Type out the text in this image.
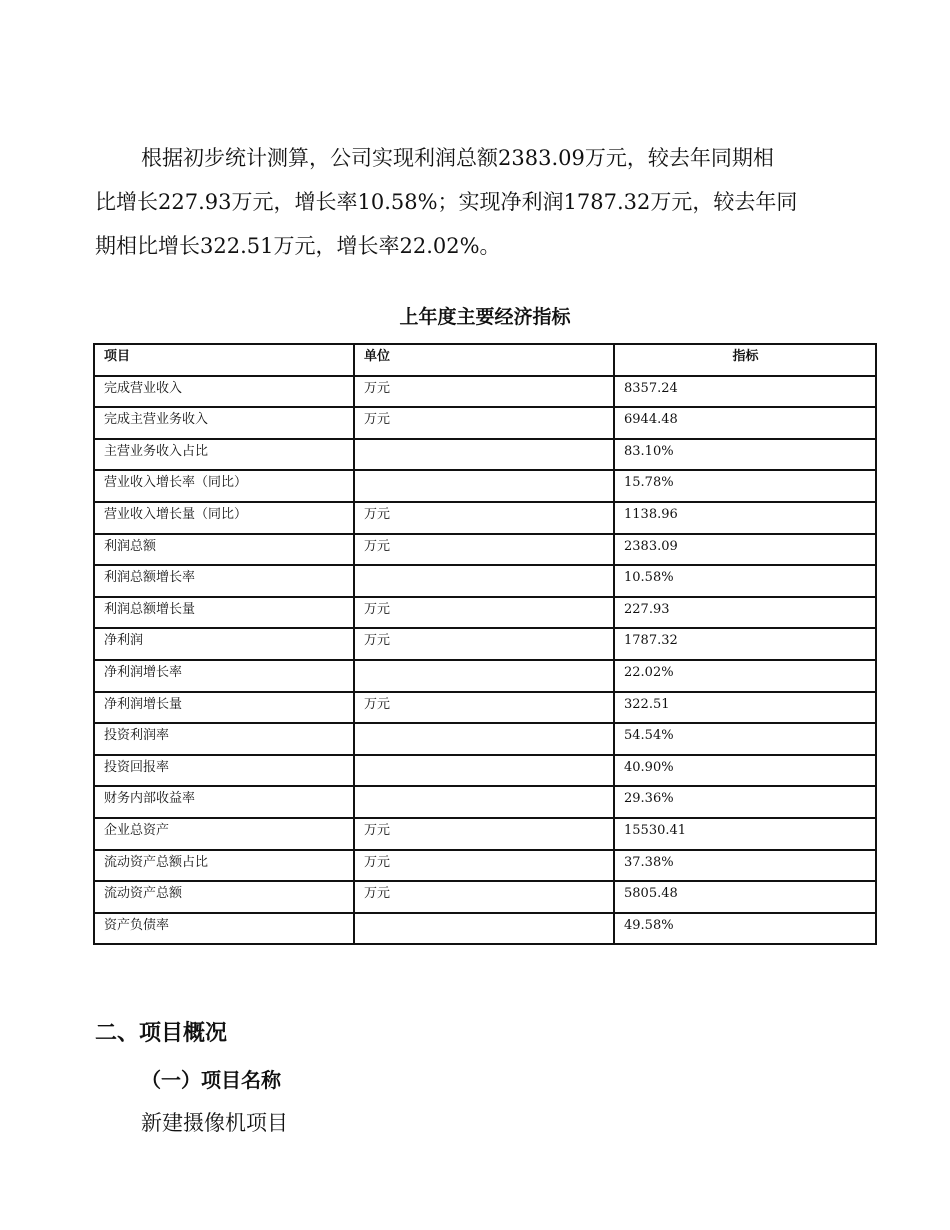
根据初步统计测算，公司实现利润总额2383.09万元，较去年同期相
比增长227.93万元，增长率10.58%；实现净利润1787.32万元，较去年同
期相比增长322.51万元，增长率22.02%。

上年度主要经济指标
项目	单位	指标
完成营业收入	万元	8357.24
完成主营业务收入	万元	6944.48
主营业务收入占比		83.10%
营业收入增长率（同比）		15.78%
营业收入增长量（同比）	万元	1138.96
利润总额	万元	2383.09
利润总额增长率		10.58%
利润总额增长量	万元	227.93
净利润	万元	1787.32
净利润增长率		22.02%
净利润增长量	万元	322.51
投资利润率		54.54%
投资回报率		40.90%
财务内部收益率		29.36%
企业总资产	万元	15530.41
流动资产总额占比	万元	37.38%
流动资产总额	万元	5805.48
资产负债率		49.58%
二、项目概况
（一）项目名称

新建摄像机项目
